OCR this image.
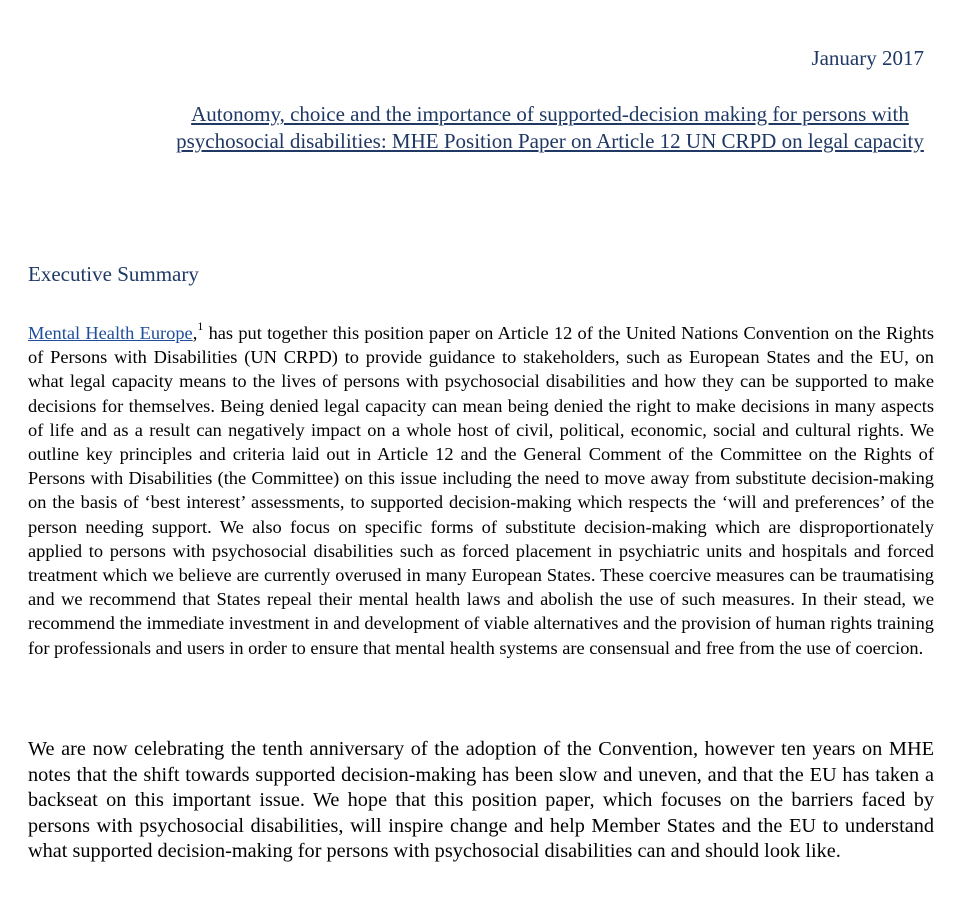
January 2017
Autonomy, choice and the importance of supported-decision making for persons with psychosocial disabilities: MHE Position Paper on Article 12 UN CRPD on legal capacity
Executive Summary

Mental Health Europe,$^1$ has put together this position paper on Article 12 of the United Nations Convention on the Rights of Persons with Disabilities (UN CRPD) to provide guidance to stakeholders, such as European States and the EU, on what legal capacity means to the lives of persons with psychosocial disabilities and how they can be supported to make decisions for themselves. Being denied legal capacity can mean being denied the right to make decisions in many aspects of life and as a result can negatively impact on a whole host of civil, political, economic, social and cultural rights. We outline key principles and criteria laid out in Article 12 and the General Comment of the Committee on the Rights of Persons with Disabilities (the Committee) on this issue including the need to move away from substitute decision-making on the basis of ‘best interest’ assessments, to supported decision-making which respects the ‘will and preferences’ of the person needing support. We also focus on specific forms of substitute decision-making which are disproportionately applied to persons with psychosocial disabilities such as forced placement in psychiatric units and hospitals and forced treatment which we believe are currently overused in many European States. These coercive measures can be traumatising and we recommend that States repeal their mental health laws and abolish the use of such measures. In their stead, we recommend the immediate investment in and development of viable alternatives and the provision of human rights training for professionals and users in order to ensure that mental health systems are consensual and free from the use of coercion.

We are now celebrating the tenth anniversary of the adoption of the Convention, however ten years on MHE notes that the shift towards supported decision-making has been slow and uneven, and that the EU has taken a backseat on this important issue. We hope that this position paper, which focuses on the barriers faced by persons with psychosocial disabilities, will inspire change and help Member States and the EU to understand what supported decision-making for persons with psychosocial disabilities can and should look like.
